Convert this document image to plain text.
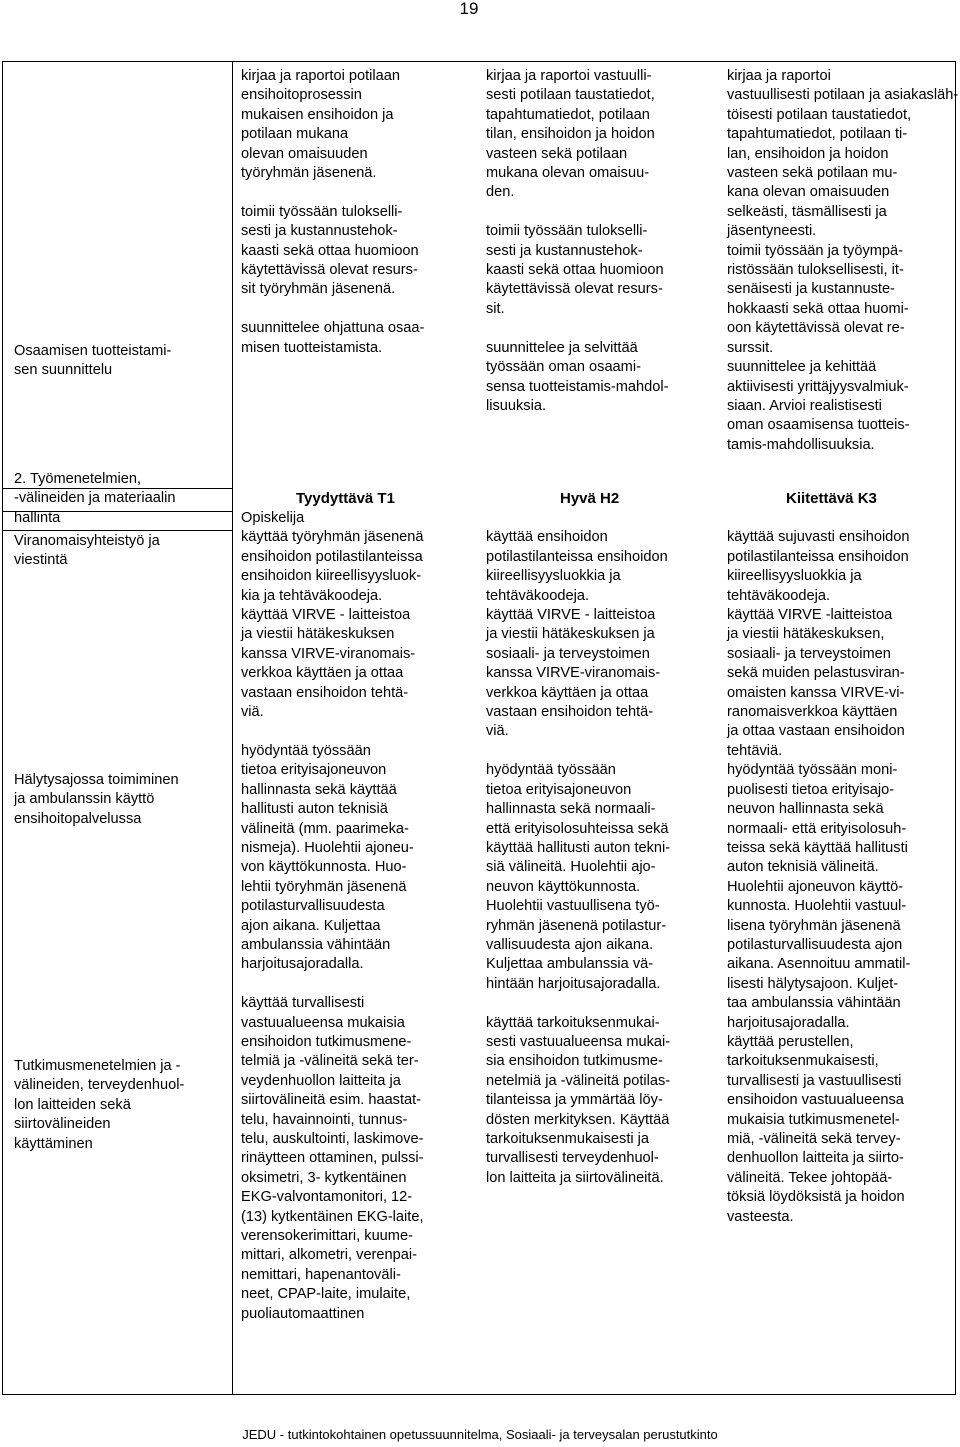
19
Osaamisen tuotteistami-
sen suunnittelu
kirjaa ja raportoi potilaan
ensihoitoprosessin
mukaisen ensihoidon ja
potilaan mukana
olevan omaisuuden
työryhmän jäsenenä.

toimii työssään tulokselli-
sesti ja kustannustehok-
kaasti sekä ottaa huomioon
käytettävissä olevat resurs-
sit työryhmän jäsenenä.

suunnittelee ohjattuna osaa-
misen tuotteistamista.
kirjaa ja raportoi vastuulli-
sesti potilaan taustatiedot,
tapahtumatiedot, potilaan
tilan, ensihoidon ja hoidon
vasteen sekä potilaan
mukana olevan omaisuu-
den.

toimii työssään tulokselli-
sesti ja kustannustehok-
kaasti sekä ottaa huomioon
käytettävissä olevat resurs-
sit.

suunnittelee ja selvittää
työssään oman osaami-
sensa tuotteistamis-mahdol-
lisuuksia.
kirjaa ja raportoi
vastuullisesti potilaan ja asiakasläh-
töisesti potilaan taustatiedot,
tapahtumatiedot, potilaan ti-
lan, ensihoidon ja hoidon
vasteen sekä potilaan mu-
kana olevan omaisuuden
selkeästi, täsmällisesti ja
jäsentyneesti.
toimii työssään ja työympä-
ristössään tuloksellisesti, it-
senäisesti ja kustannuste-
hokkaasti sekä ottaa huomi-
oon käytettävissä olevat re-
surssit.
suunnittelee ja kehittää
aktiivisesti yrittäjyysvalmiuk-
siaan. Arvioi realistisesti
oman osaamisensa tuotteis-
tamis-mahdollisuuksia.
2. Työmenetelmien,
-välineiden ja materiaalin
hallinta
Viranomaisyhteistyö ja
viestintä
Hälytysajossa toimiminen
ja ambulanssin käyttö
ensihoitopalvelussa
Tutkimusmenetelmien ja -
välineiden, terveydenhuol-
lon laitteiden sekä
siirtovälineiden
käyttäminen
Tyydyttävä T1	Hyvä H2	Kiitettävä K3
Opiskelija
käyttää työryhmän jäsenenä
ensihoidon potilastilanteissa
ensihoidon kiireellisyysluok-
kia ja tehtäväkoodeja.
käyttää VIRVE - laitteistoa
ja viestii hätäkeskuksen
kanssa VIRVE-viranomais-
verkkoa käyttäen ja ottaa
vastaan ensihoidon tehtä-
viä.

hyödyntää työssään
tietoa erityisajoneuvon
hallinnasta sekä käyttää
hallitusti auton teknisiä
välineitä (mm. paarimeka-
nismeja). Huolehtii ajoneu-
von käyttökunnosta. Huo-
lehtii työryhmän jäsenenä
potilasturvallisuudesta
ajon aikana. Kuljettaa
ambulanssia vähintään
harjoitusajoradalla.

käyttää turvallisesti
vastuualueensa mukaisia
ensihoidon tutkimusmene-
telmiä ja -välineitä sekä ter-
veydenhuollon laitteita ja
siirtovälineitä esim. haastat-
telu, havainnointi, tunnus-
telu, auskultointi, laskimove-
rinäytteen ottaminen, pulssi-
oksimetri, 3- kytkentäinen
EKG-valvontamonitori, 12-
(13) kytkentäinen EKG-laite,
verensokerimittari, kuume-
mittari, alkometri, verenpai-
nemittari, hapenantoväli-
neet, CPAP-laite, imulaite,
puoliautomaattinen

käyttää ensihoidon
potilastilanteissa ensihoidon
kiireellisyysluokkia ja
tehtäväkoodeja.
käyttää VIRVE - laitteistoa
ja viestii hätäkeskuksen ja
sosiaali- ja terveystoimen
kanssa VIRVE-viranomais-
verkkoa käyttäen ja ottaa
vastaan ensihoidon tehtä-
viä.

hyödyntää työssään
tietoa erityisajoneuvon
hallinnasta sekä normaali-
että erityisolosuhteissa sekä
käyttää hallitusti auton tekni-
siä välineitä. Huolehtii ajo-
neuvon käyttökunnosta.
Huolehtii vastuullisena työ-
ryhmän jäsenenä potilastur-
vallisuudesta ajon aikana.
Kuljettaa ambulanssia vä-
hintään harjoitusajoradalla.

käyttää tarkoituksenmukai-
sesti vastuualueensa mukai-
sia ensihoidon tutkimusme-
netelmiä ja -välineitä potilas-
tilanteissa ja ymmärtää löy-
dösten merkityksen. Käyttää
tarkoituksenmukaisesti ja
turvallisesti terveydenhuol-
lon laitteita ja siirtovälineitä.

käyttää sujuvasti ensihoidon
potilastilanteissa ensihoidon
kiireellisyysluokkia ja
tehtäväkoodeja.
käyttää VIRVE -laitteistoa
ja viestii hätäkeskuksen,
sosiaali- ja terveystoimen
sekä muiden pelastusviran-
omaisten kanssa VIRVE-vi-
ranomaisverkkoa käyttäen
ja ottaa vastaan ensihoidon
tehtäviä.
hyödyntää työssään moni-
puolisesti tietoa erityisajo-
neuvon hallinnasta sekä
normaali- että erityisolosuh-
teissa sekä käyttää hallitusti
auton teknisiä välineitä.
Huolehtii ajoneuvon käyttö-
kunnosta. Huolehtii vastuul-
lisena työryhmän jäsenenä
potilasturvallisuudesta ajon
aikana. Asennoituu ammatil-
lisesti hälytysajoon. Kuljet-
taa ambulanssia vähintään
harjoitusajoradalla.
käyttää perustellen,
tarkoituksenmukaisesti,
turvallisesti ja vastuullisesti
ensihoidon vastuualueensa
mukaisia tutkimusmenetel-
miä, -välineitä sekä tervey-
denhuollon laitteita ja siirto-
välineitä. Tekee johtopää-
töksiä löydöksistä ja hoidon
vasteesta.
JEDU - tutkintokohtainen opetussuunnitelma, Sosiaali- ja terveysalan perustutkinto
